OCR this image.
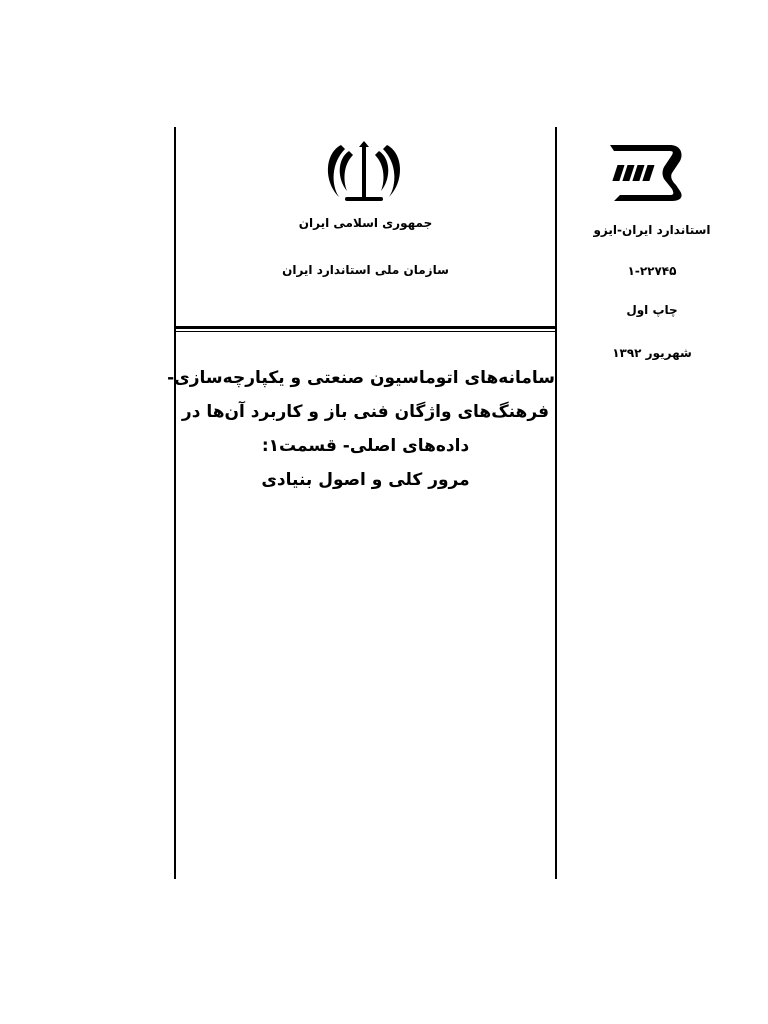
جمهوری اسلامی ایران
سازمان ملی استاندارد ایران
استاندارد ایران-ایزو
۱-۲۲۷۴۵
چاپ اول
شهریور ۱۳۹۲
سامانه‌های اتوماسیون صنعتی و یکپارچه‌سازی-
فرهنگ‌های واژگان فنی باز و کاربرد آن‌ها در
داده‌های اصلی- قسمت۱:
مرور کلی و اصول بنیادی
